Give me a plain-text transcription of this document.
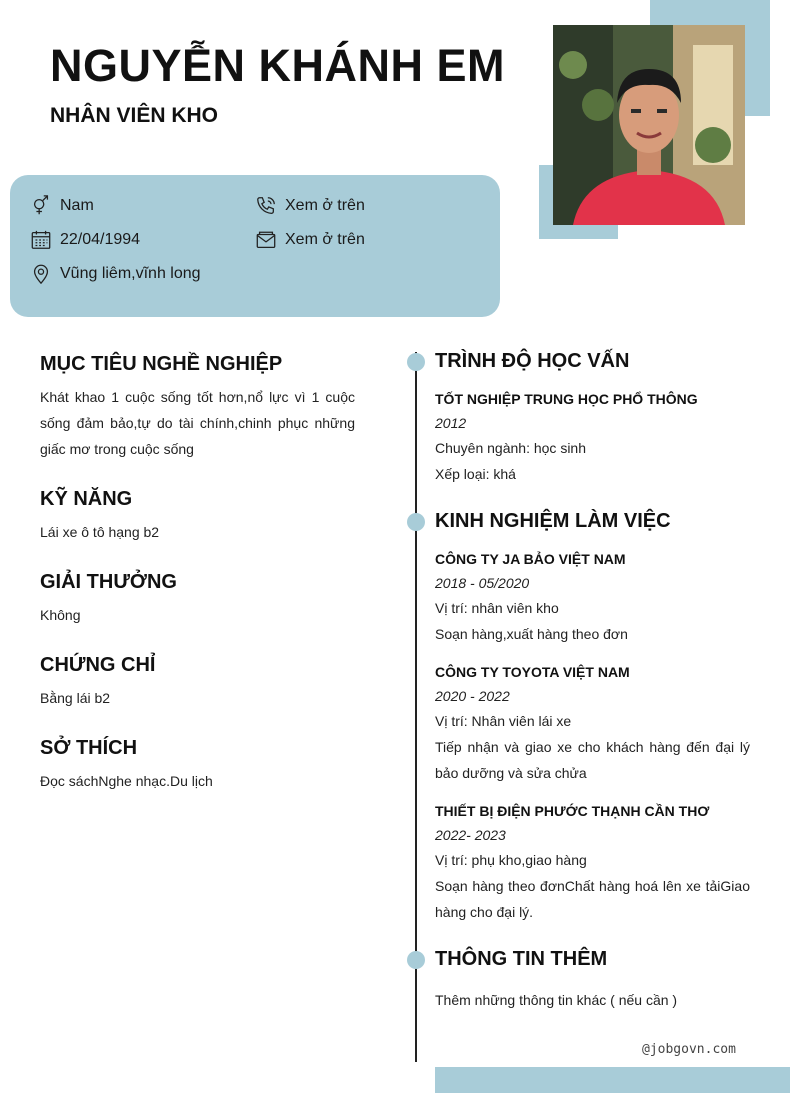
NGUYỄN KHÁNH EM
NHÂN VIÊN KHO
Nam
22/04/1994
Vũng liêm,vĩnh long
Xem ở trên
Xem ở trên
MỤC TIÊU NGHỀ NGHIỆP
Khát khao 1 cuộc sống tốt hơn,nổ lực vì 1 cuộc sống đảm bảo,tự do tài chính,chinh phục những giấc mơ trong cuộc sống
KỸ NĂNG
Lái xe ô tô hạng b2
GIẢI THƯỞNG
Không
CHỨNG CHỈ
Bằng lái b2
SỞ THÍCH
Đọc sáchNghe nhạc.Du lịch
TRÌNH ĐỘ HỌC VẤN
TỐT NGHIỆP TRUNG HỌC PHỔ THÔNG
2012
Chuyên ngành: học sinh
Xếp loại: khá
KINH NGHIỆM LÀM VIỆC
CÔNG TY JA BẢO VIỆT NAM
2018 - 05/2020
Vị trí: nhân viên kho
Soạn hàng,xuất hàng theo đơn
CÔNG TY TOYOTA VIỆT NAM
2020 - 2022
Vị trí: Nhân viên lái xe
Tiếp nhận và giao xe cho khách hàng đến đại lý bảo dưỡng và sửa chửa
THIẾT BỊ ĐIỆN PHƯỚC THẠNH CẦN THƠ
2022- 2023
Vị trí: phụ kho,giao hàng
Soạn hàng theo đơnChất hàng hoá lên xe tảiGiao hàng cho đại lý.
THÔNG TIN THÊM
Thêm những thông tin khác ( nếu cần )
@jobgovn.com
